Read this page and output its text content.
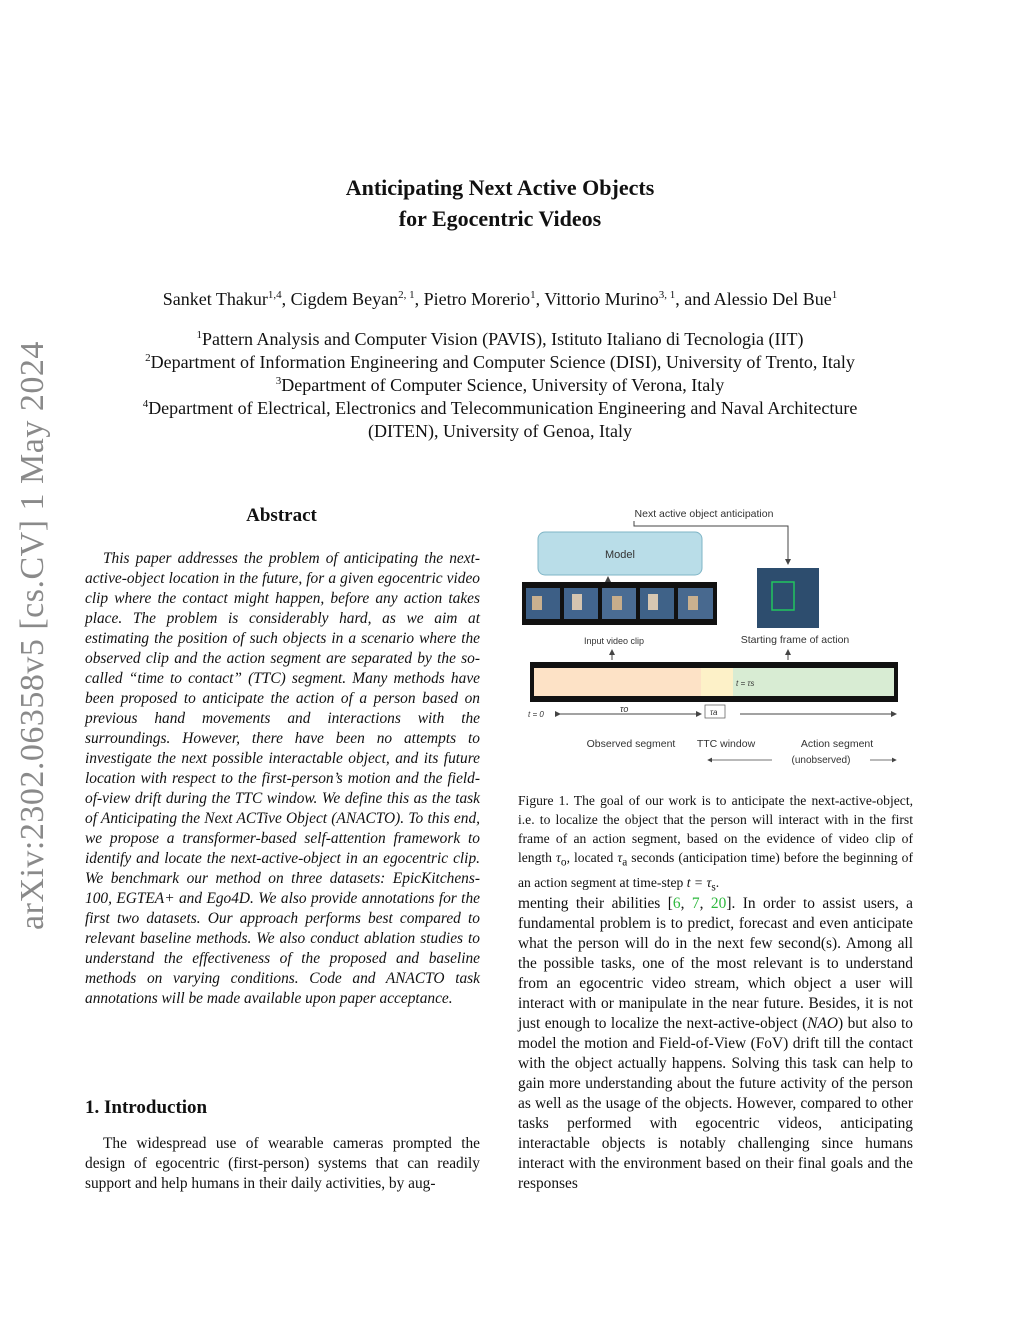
arXiv:2302.06358v5 [cs.CV] 1 May 2024
Anticipating Next Active Objects
for Egocentric Videos
Sanket Thakur$^{1,4}$, Cigdem Beyan$^{2, 1}$, Pietro Morerio$^1$, Vittorio Murino$^{3, 1}$, and Alessio Del Bue$^1$
$^1$Pattern Analysis and Computer Vision (PAVIS), Istituto Italiano di Tecnologia (IIT)
$^2$Department of Information Engineering and Computer Science (DISI), University of Trento, Italy
$^3$Department of Computer Science, University of Verona, Italy
$^4$Department of Electrical, Electronics and Telecommunication Engineering and Naval Architecture (DITEN), University of Genoa, Italy
Abstract
This paper addresses the problem of anticipating the next-active-object location in the future, for a given egocentric video clip where the contact might happen, before any action takes place. The problem is considerably hard, as we aim at estimating the position of such objects in a scenario where the observed clip and the action segment are separated by the so-called “time to contact” (TTC) segment. Many methods have been proposed to anticipate the action of a person based on previous hand movements and interactions with the surroundings. However, there have been no attempts to investigate the next possible interactable object, and its future location with respect to the first-person’s motion and the field-of-view drift during the TTC window. We define this as the task of Anticipating the Next ACTive Object (ANACTO). To this end, we propose a transformer-based self-attention framework to identify and locate the next-active-object in an egocentric clip. We benchmark our method on three datasets: EpicKitchens-100, EGTEA+ and Ego4D. We also provide annotations for the first two datasets. Our approach performs best compared to relevant baseline methods. We also conduct ablation studies to understand the effectiveness of the proposed and baseline methods on varying conditions. Code and ANACTO task annotations will be made available upon paper acceptance.
1. Introduction
The widespread use of wearable cameras prompted the design of egocentric (first-person) systems that can readily support and help humans in their daily activities, by aug-
Next active object anticipation
Model
Input video clip	Starting frame of action
t = τs
t = 0
τo	τa
Observed segment TTC window	Action segment
(unobserved)
Figure 1. The goal of our work is to anticipate the next-active-object, i.e. to localize the object that the person will interact with in the first frame of an action segment, based on the evidence of video clip of length $\tau_o$, located $\tau_a$ seconds (anticipation time) before the beginning of an action segment at time-step $t = \tau_s$.
menting their abilities [6, 7, 20]. In order to assist users, a fundamental problem is to predict, forecast and even anticipate what the person will do in the next few second(s). Among all the possible tasks, one of the most relevant is to understand from an egocentric video stream, which object a user will interact with or manipulate in the near future. Besides, it is not just enough to localize the next-active-object (NAO) but also to model the motion and Field-of-View (FoV) drift till the contact with the object actually happens. Solving this task can help to gain more understanding about the future activity of the person as well as the usage of the objects. However, compared to other tasks performed with egocentric videos, anticipating interactable objects is notably challenging since humans interact with the environment based on their final goals and the responses
